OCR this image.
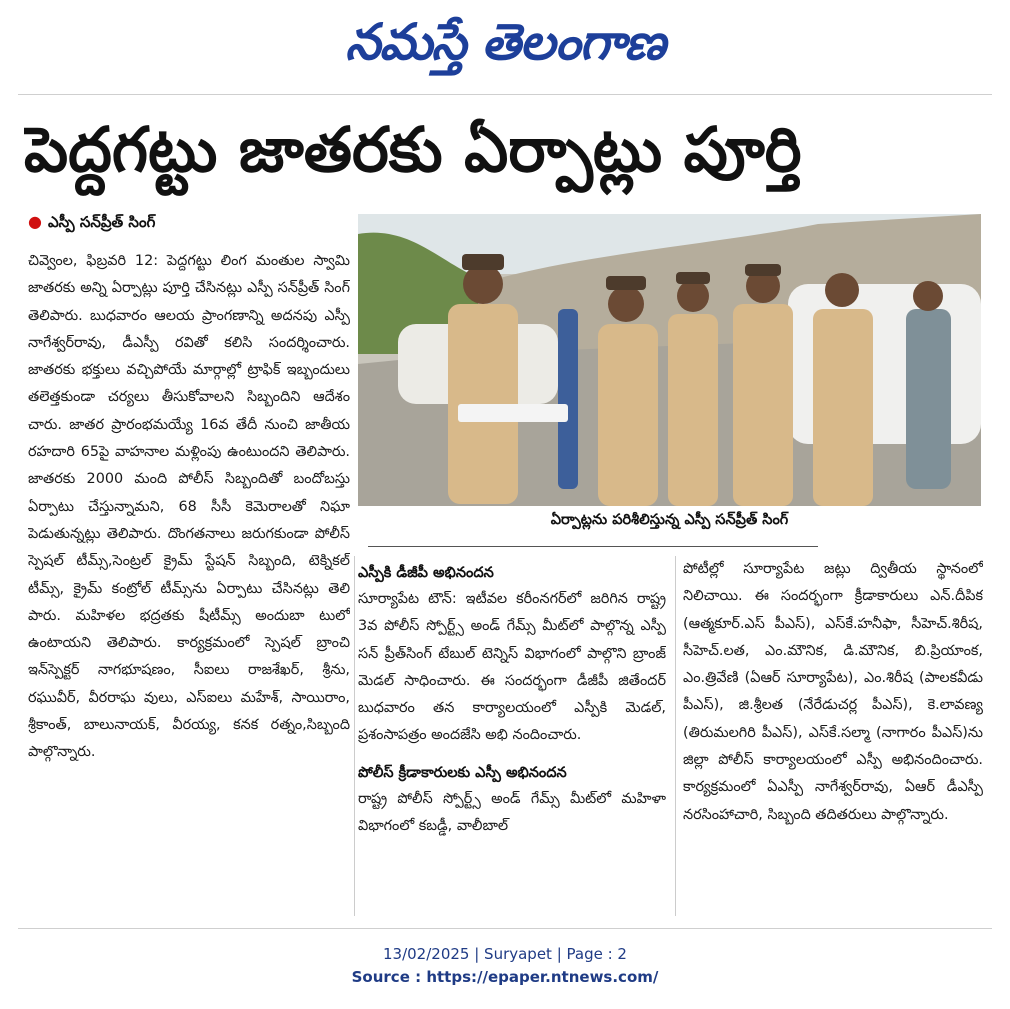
నమస్తే తెలంగాణ
పెద్దగట్టు జాతరకు ఏర్పాట్లు పూర్తి
● ఎస్పీ సన్‌ప్రీత్ సింగ్
చివ్వెంల, ఫిబ్రవరి 12: పెద్దగట్టు లింగ మంతుల స్వామి జాతరకు అన్ని ఏర్పాట్లు పూర్తి చేసినట్లు ఎస్పీ సన్‌ప్రీత్ సింగ్ తెలిపారు. బుధవారం ఆలయ ప్రాంగణాన్ని అదనపు ఎస్పీ నాగేశ్వర్‌రావు, డీఎస్పీ రవితో కలిసి సందర్శించారు. జాతరకు భక్తులు వచ్చిపోయే మార్గాల్లో ట్రాఫిక్ ఇబ్బందులు తలెత్తకుండా చర్యలు తీసుకోవాలని సిబ్బందిని ఆదేశం చారు. జాతర ప్రారంభమయ్యే 16వ తేదీ నుంచి జాతీయ రహదారి 65పై వాహనాల మళ్లింపు ఉంటుందని తెలిపారు. జాతరకు 2000 మంది పోలీస్ సిబ్బందితో బందోబస్తు ఏర్పాటు చేస్తున్నామని, 68 సీసీ కెమెరాలతో నిఘా పెడుతున్నట్లు తెలిపారు. దొంగతనాలు జరుగకుండా పోలీస్ స్పెషల్ టీమ్స్,సెంట్రల్ క్రైమ్ స్టేషన్ సిబ్బంది, టెక్నికల్ టీమ్స్, క్రైమ్ కంట్రోల్ టీమ్స్‌ను ఏర్పాటు చేసినట్లు తెలి పారు. మహిళల భద్రతకు షీటీమ్స్ అందుబా టులో ఉంటాయని తెలిపారు. కార్యక్రమంలో స్పెషల్ బ్రాంచి ఇన్‌స్పెక్టర్ నాగభూషణం, సీఐలు రాజశేఖర్, శ్రీను, రఘువీర్, వీరరాఘ వులు, ఎస్‌ఐలు మహేశ్, సాయిరాం, శ్రీకాంత్, బాలునాయక్, వీరయ్య, కనక రత్నం,సిబ్బంది పాల్గొన్నారు.
ఏర్పాట్లను పరిశీలిస్తున్న ఎస్పీ సన్‌ప్రీత్ సింగ్
ఎస్పీకి డీజీపీ అభినందన
సూర్యాపేట టౌన్: ఇటీవల కరీంనగర్‌లో జరిగిన రాష్ట్ర 3వ పోలీస్ స్పోర్ట్స్ అండ్ గేమ్స్ మీట్‌లో పాల్గొన్న ఎస్పీ సన్ ప్రీత్‌సింగ్ టేబుల్ టెన్నిస్ విభాగంలో పాల్గొని బ్రాంజ్ మెడల్ సాధించారు. ఈ సందర్భంగా డీజీపీ జితేందర్ బుధవారం తన కార్యాలయంలో ఎస్పీకి మెడల్, ప్రశంసాపత్రం అందజేసి అభి నందించారు.
పోలీస్ క్రీడాకారులకు ఎస్పీ అభినందన
రాష్ట్ర పోలీస్ స్పోర్ట్స్ అండ్ గేమ్స్ మీట్‌లో మహిళా విభాగంలో కబడ్డీ, వాలీబాల్
పోటీల్లో సూర్యాపేట జట్లు ద్వితీయ స్థానంలో నిలిచాయి. ఈ సందర్భంగా క్రీడాకారులు ఎన్.దీపిక (ఆత్మకూర్.ఎస్ పీఎస్), ఎస్‌కే.హనీఫా, సీహెచ్.శిరీష, సీహెచ్.లత, ఎం.మౌనిక, డి.మౌనిక, బి.ప్రియాంక, ఎం.త్రివేణి (ఏఆర్ సూర్యాపేట), ఎం.శిరీష (పాలకవీడు పీఎస్), జి.శ్రీలత (నేరేడుచర్ల పీఎస్), కె.లావణ్య (తిరుమలగిరి పీఎస్), ఎస్‌కే.సల్మా (నాగారం పీఎస్)ను జిల్లా పోలీస్ కార్యాలయంలో ఎస్పీ అభినందించారు. కార్యక్రమంలో ఏఎస్పీ నాగేశ్వర్‌రావు, ఏఆర్ డీఎస్పీ నరసింహాచారి, సిబ్బంది తదితరులు పాల్గొన్నారు.
13/02/2025 | Suryapet | Page : 2
Source : https://epaper.ntnews.com/
